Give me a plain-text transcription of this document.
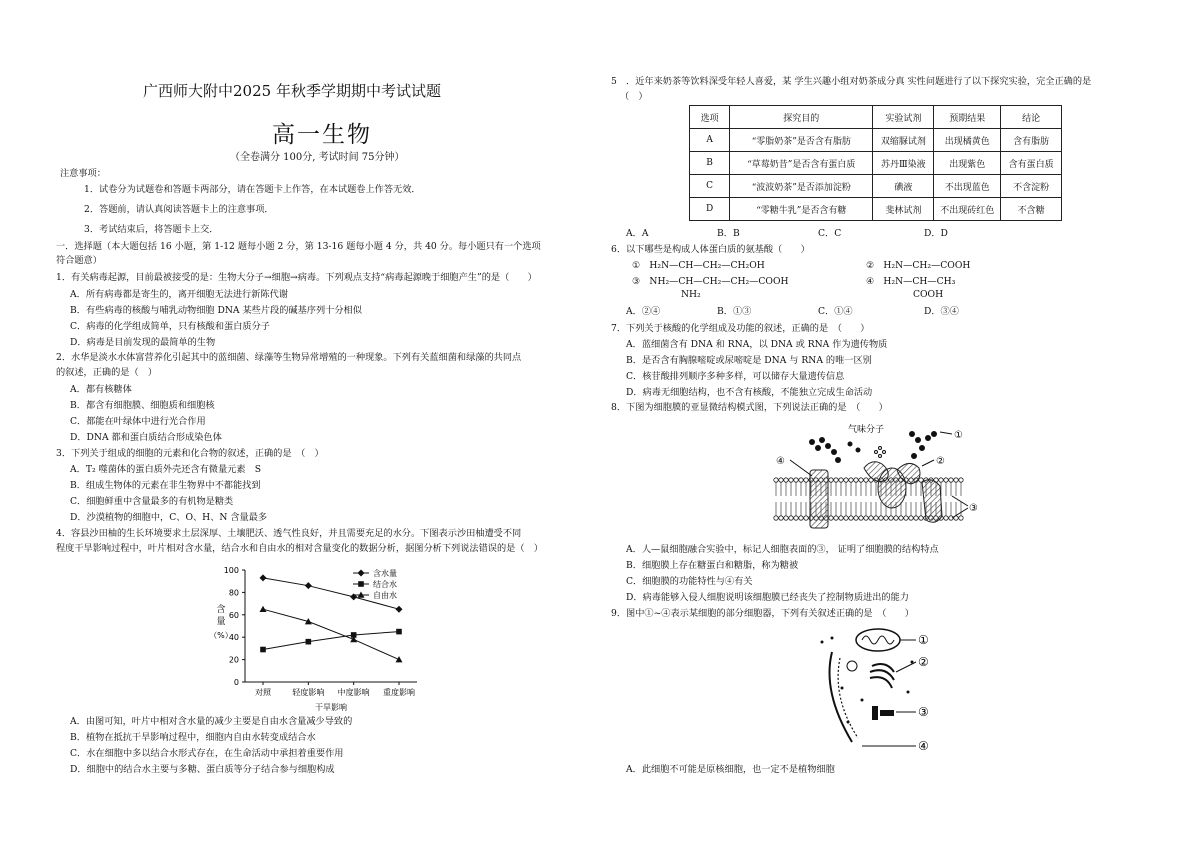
广西师大附中2025 年秋季学期期中考试试题
高一生物
（全卷满分 100分, 考试时间 75分钟）
注意事项：
1．试卷分为试题卷和答题卡两部分，请在答题卡上作答，在本试题卷上作答无效．
2．答题前，请认真阅读答题卡上的注意事项．
3．考试结束后，将答题卡上交．
一．选择题（本大题包括 16 小题，第 1-12 题每小题 2 分，第 13-16 题每小题 4 分，共 40 分。每小题只有一个选项
符合题意）
1．有关病毒起源，目前最被接受的是：生物大分子→细胞→病毒。下列观点支持“病毒起源晚于细胞产生”的是（　　）
A．所有病毒都是寄生的，离开细胞无法进行新陈代谢
B．有些病毒的核酸与哺乳动物细胞 DNA 某些片段的碱基序列十分相似
C．病毒的化学组成简单，只有核酸和蛋白质分子
D．病毒是目前发现的最简单的生物
2．水华是淡水水体富营养化引起其中的蓝细菌、绿藻等生物异常增殖的一种现象。下列有关蓝细菌和绿藻的共同点
的叙述，正确的是（　）
A．都有核糖体
B．都含有细胞膜、细胞质和细胞核
C．都能在叶绿体中进行光合作用
D．DNA 都和蛋白质结合形成染色体
3．下列关于组成的细胞的元素和化合物的叙述，正确的是　（　）
A．T₂ 噬菌体的蛋白质外壳还含有微量元素　S
B．组成生物体的元素在非生物界中不都能找到
C．细胞鲜重中含量最多的有机物是糖类
D．沙漠植物的细胞中，C、O、H、N 含量最多
4．容县沙田柚的生长环境要求土层深厚、土壤肥沃、透气性良好，并且需要充足的水分。下图表示沙田柚遭受不同
程度干旱影响过程中，叶片相对含水量，结合水和自由水的相对含量变化的数据分析，据图分析下列说法错误的是（　）
0
20
40
60
80
100
对照	轻度影响 中度影响 重度影响
干旱影响
含
量
（%）
含水量
结合水
自由水
A．由图可知，叶片中相对含水量的减少主要是自由水含量减少导致的
B．植物在抵抗干旱影响过程中，细胞内自由水转变成结合水
C．水在细胞中多以结合水形式存在，在生命活动中承担着重要作用
D．细胞中的结合水主要与多糖、蛋白质等分子结合参与细胞构成
5　．近年来奶茶等饮料深受年轻人喜爱，某 学生兴趣小组对奶茶成分真 实性问题进行了以下探究实验，完全正确的是
（　）
选项	探究目的	实验试剂	预期结果	结论
A	“零脂奶茶”是否含有脂肪	双缩脲试剂	出现橘黄色	含有脂肪
B	“草莓奶昔”是否含有蛋白质	苏丹Ⅲ染液	出现紫色	含有蛋白质
C	“波波奶茶”是否添加淀粉	碘液	不出现蓝色	不含淀粉
D	“零糖牛乳”是否含有糖	斐林试剂	不出现砖红色	不含糖
A．A	B．B	C．C	D．D
6．以下哪些是构成人体蛋白质的氨基酸（　　）
①　H₂N—CH—CH₂—CH₂OH	②　H₂N—CH₂—COOH
③　NH₂—CH—CH₂—CH₂—COOH
NH₂
④　H₂N—CH—CH₃
COOH
A．②④	B．①③	C．①④	D．③④
7．下列关于核酸的化学组成及功能的叙述，正确的是　（　　）
A．蓝细菌含有 DNA 和 RNA，以 DNA 或 RNA 作为遗传物质
B．是否含有胸腺嘧啶或尿嘧啶是 DNA 与 RNA 的唯一区别
C．核苷酸排列顺序多种多样，可以储存大量遗传信息
D．病毒无细胞结构，也不含有核酸，不能独立完成生命活动
8．下图为细胞膜的亚显微结构模式图，下列说法正确的是　（　　）
气味分子	①
②
③
④
A．人—鼠细胞融合实验中，标记人细胞表面的③， 证明了细胞膜的结构特点
B．细胞膜上存在糖蛋白和糖脂，称为糖被
C．细胞膜的功能特性与④有关
D．病毒能够入侵人细胞说明该细胞膜已经丧失了控制物质进出的能力
9．图中①~④表示某细胞的部分细胞器，下列有关叙述正确的是　（　　）
①
②
③
④
A．此细胞不可能是原核细胞，也一定不是植物细胞
